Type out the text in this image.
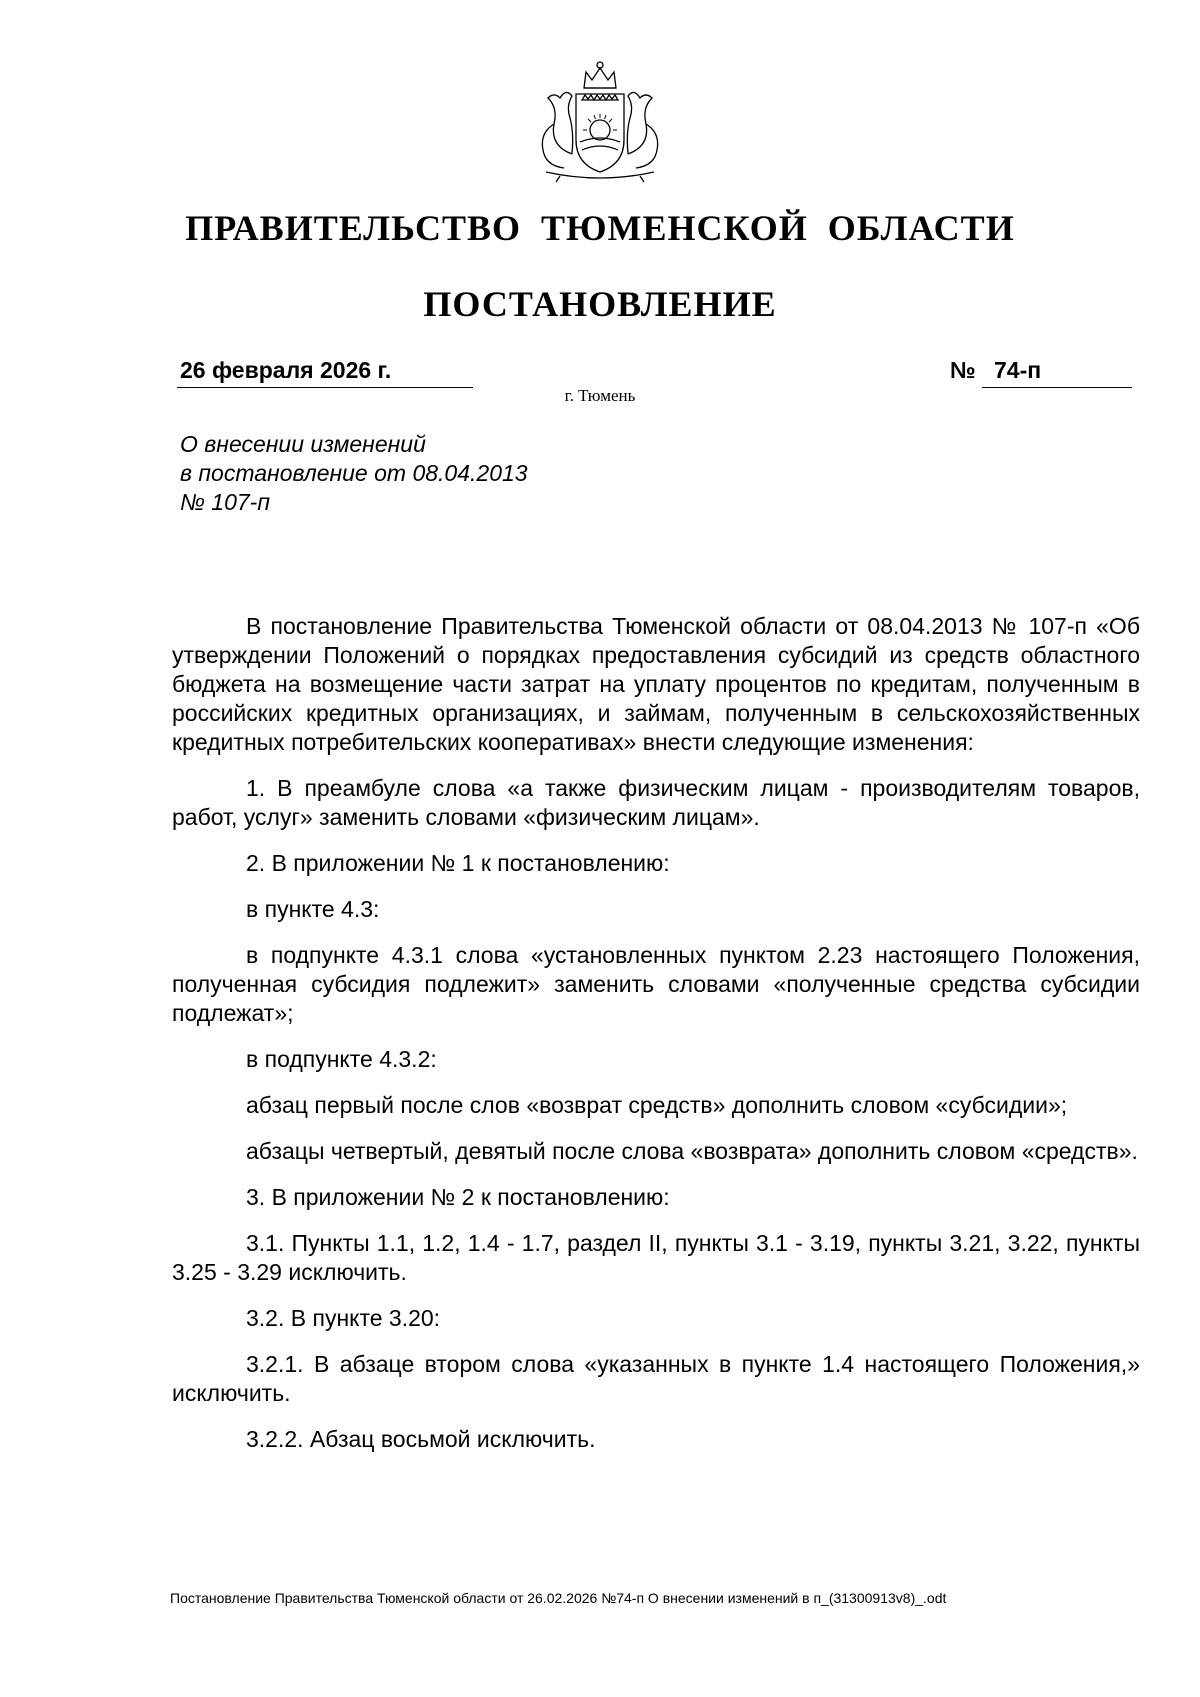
ПРАВИТЕЛЬСТВО ТЮМЕНСКОЙ ОБЛАСТИ
ПОСТАНОВЛЕНИЕ
26 февраля 2026 г.	№ 74-п
г. Тюмень
О внесении изменений
в постановление от 08.04.2013
№ 107-п

В постановление Правительства Тюменской области от 08.04.2013 № 107-п «Об утверждении Положений о порядках предоставления субсидий из средств областного бюджета на возмещение части затрат на уплату процентов по кредитам, полученным в российских кредитных организациях, и займам, полученным в сельскохозяйственных кредитных потребительских кооперативах» внести следующие изменения:

1. В преамбуле слова «а также физическим лицам - производителям товаров, работ, услуг» заменить словами «физическим лицам».

2. В приложении № 1 к постановлению:

в пункте 4.3:

в подпункте 4.3.1 слова «установленных пунктом 2.23 настоящего Положения, полученная субсидия подлежит» заменить словами «полученные средства субсидии подлежат»;

в подпункте 4.3.2:

абзац первый после слов «возврат средств» дополнить словом «субсидии»;

абзацы четвертый, девятый после слова «возврата» дополнить словом «средств».

3. В приложении № 2 к постановлению:

3.1. Пункты 1.1, 1.2, 1.4 - 1.7, раздел II, пункты 3.1 - 3.19, пункты 3.21, 3.22, пункты 3.25 - 3.29 исключить.

3.2. В пункте 3.20:

3.2.1. В абзаце втором слова «указанных в пункте 1.4 настоящего Положения,» исключить.

3.2.2. Абзац восьмой исключить.

Постановление Правительства Тюменской области от 26.02.2026 №74-п О внесении изменений в п_(31300913v8)_.odt
